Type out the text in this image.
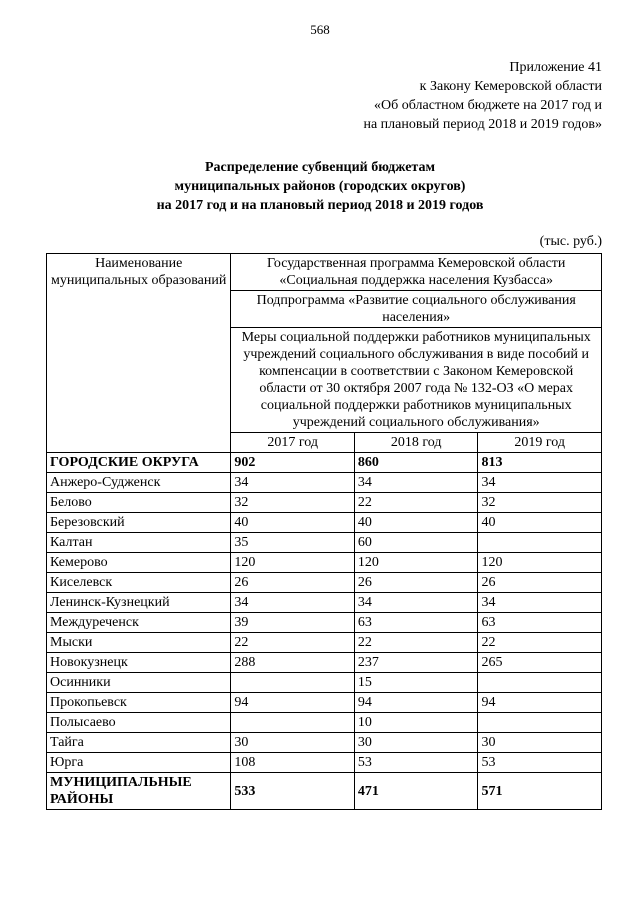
568
Приложение 41
к Закону Кемеровской области
«Об областном бюджете на 2017 год и
на плановый период 2018 и 2019 годов»
Распределение субвенций бюджетам
муниципальных районов (городских округов)
на 2017 год и на плановый период 2018 и 2019 годов
(тыс. руб.)
Наименование муниципальных образований	Государственная программа Кемеровской области «Социальная поддержка населения Кузбасса»		
	Подпрограмма «Развитие социального обслуживания населения»		
	Меры социальной поддержки работников муниципальных учреждений социального обслуживания в виде пособий и компенсации в соответствии с Законом Кемеровской области от 30 октября 2007 года № 132-ОЗ «О мерах социальной поддержки работников муниципальных учреждений социального обслуживания»		
	2017 год	2018 год	2019 год
ГОРОДСКИЕ ОКРУГА	902	860	813
Анжеро-Судженск	34	34	34
Белово	32	22	32
Березовский	40	40	40
Калтан	35	60	
Кемерово	120	120	120
Киселевск	26	26	26
Ленинск-Кузнецкий	34	34	34
Междуреченск	39	63	63
Мыски	22	22	22
Новокузнецк	288	237	265
Осинники		15	
Прокопьевск	94	94	94
Полысаево		10	
Тайга	30	30	30
Юрга	108	53	53

МУНИЦИПАЛЬНЫЕ
РАЙОНЫ	533	471	571
